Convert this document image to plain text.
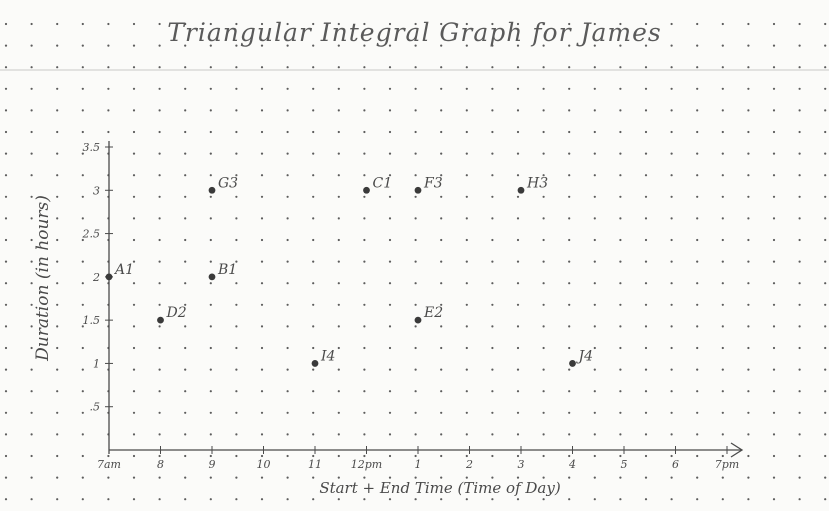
7am	8	9	10	11	12pm	1	2	3	4	5	6	7pm
.5
1
1.5
2
2.5
3
3.5
A1	B1
C1
D2	E2
F3
G3	H3
I4	J4
Start + End Time (Time of Day)
Duration (in hours)
Triangular Integral Graph for James
